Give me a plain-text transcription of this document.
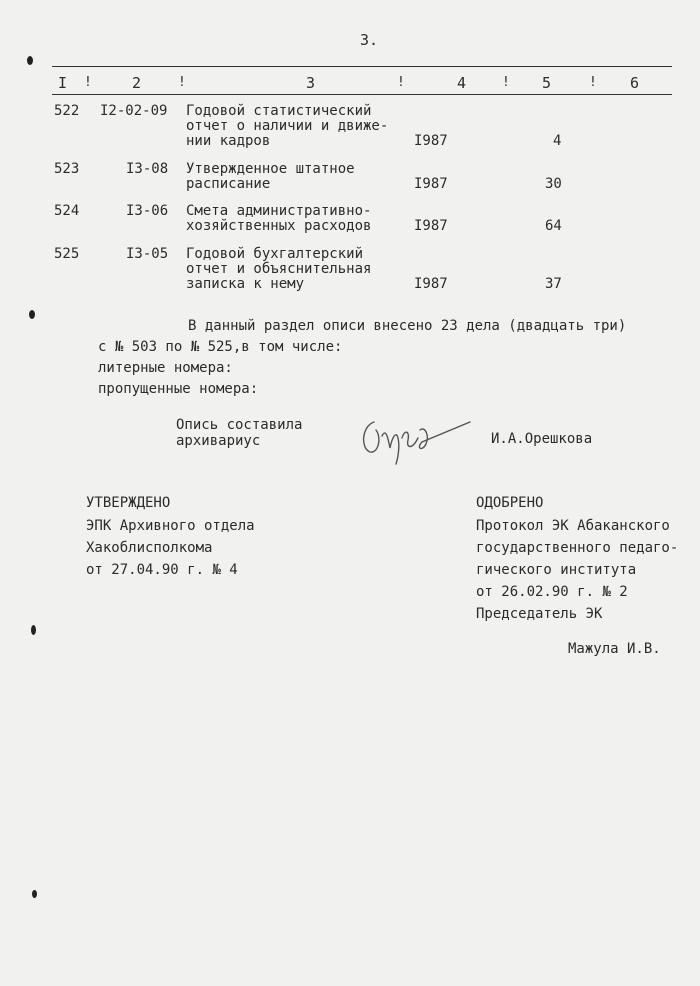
3.
I	2	3	4	5	6
!	!	!	!	!
522 I2-02-09 Годовой статистический
отчет о наличии и движе-
нии кадров	I987	4
523	I3-08 Утвержденное штатное
расписание	I987	30
524	I3-06 Смета административно-
хозяйственных расходов	I987	64
525	I3-05 Годовой бухгалтерский
отчет и объяснительная
записка к нему	I987	37
В данный раздел описи внесено 23 дела (двадцать три)
с № 503 по № 525,в том числе:
литерные номера:
пропущенные номера:
Опись составила
архивариус	И.А.Орешкова
УТВЕРЖДЕНО
ЭПК Архивного отдела
Хакоблисполкома
от 27.04.90 г. № 4
ОДОБРЕНО
Протокол ЭК Абаканского
государственного педаго-
гического института
от 26.02.90 г. № 2
Председатель ЭК
Мажула И.В.
